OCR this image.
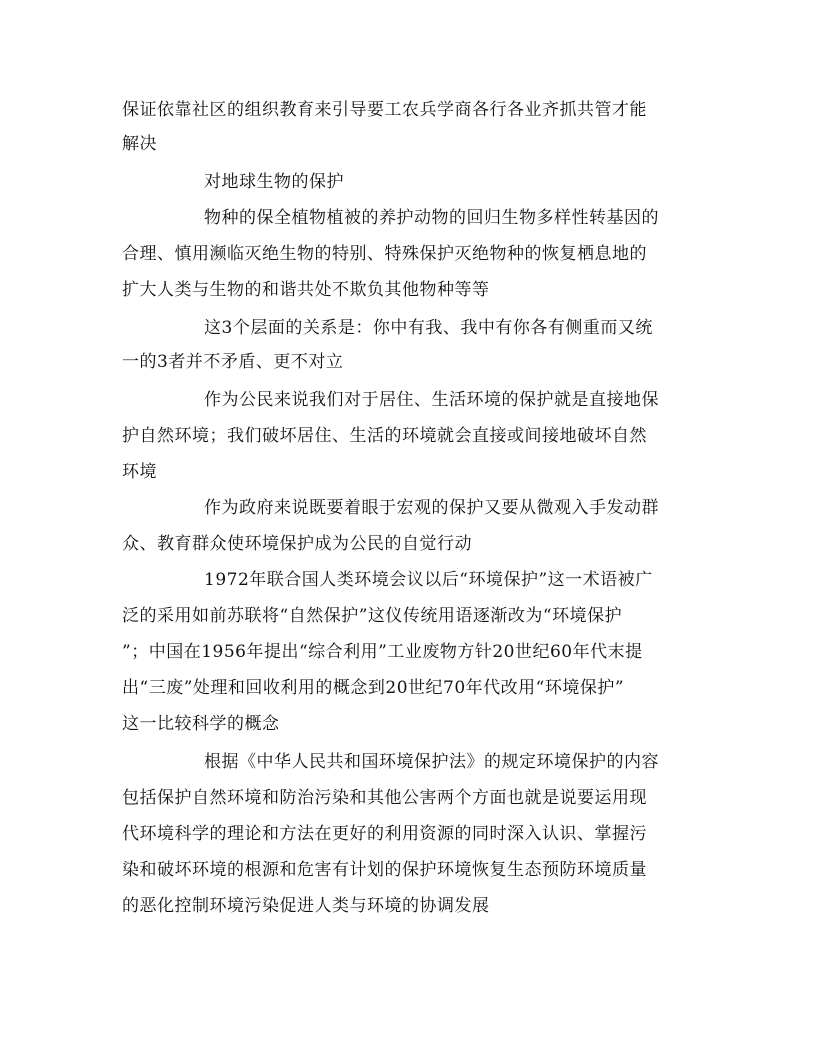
保证依靠社区的组织教育来引导要工农兵学商各行各业齐抓共管才能
解决
对地球生物的保护
物种的保全植物植被的养护动物的回归生物多样性转基因的
合理、慎用濒临灭绝生物的特别、特殊保护灭绝物种的恢复栖息地的
扩大人类与生物的和谐共处不欺负其他物种等等
这3个层面的关系是：你中有我、我中有你各有侧重而又统
一的3者并不矛盾、更不对立
作为公民来说我们对于居住、生活环境的保护就是直接地保
护自然环境；我们破坏居住、生活的环境就会直接或间接地破坏自然
环境
作为政府来说既要着眼于宏观的保护又要从微观入手发动群
众、教育群众使环境保护成为公民的自觉行动
1972年联合国人类环境会议以后“环境保护”这一术语被广
泛的采用如前苏联将“自然保护”这仪传统用语逐渐改为“环境保护
”；中国在1956年提出“综合利用”工业废物方针20世纪60年代末提
出“三废”处理和回收利用的概念到20世纪70年代改用“环境保护”
这一比较科学的概念
根据《中华人民共和国环境保护法》的规定环境保护的内容
包括保护自然环境和防治污染和其他公害两个方面也就是说要运用现
代环境科学的理论和方法在更好的利用资源的同时深入认识、掌握污
染和破坏环境的根源和危害有计划的保护环境恢复生态预防环境质量
的恶化控制环境污染促进人类与环境的协调发展
